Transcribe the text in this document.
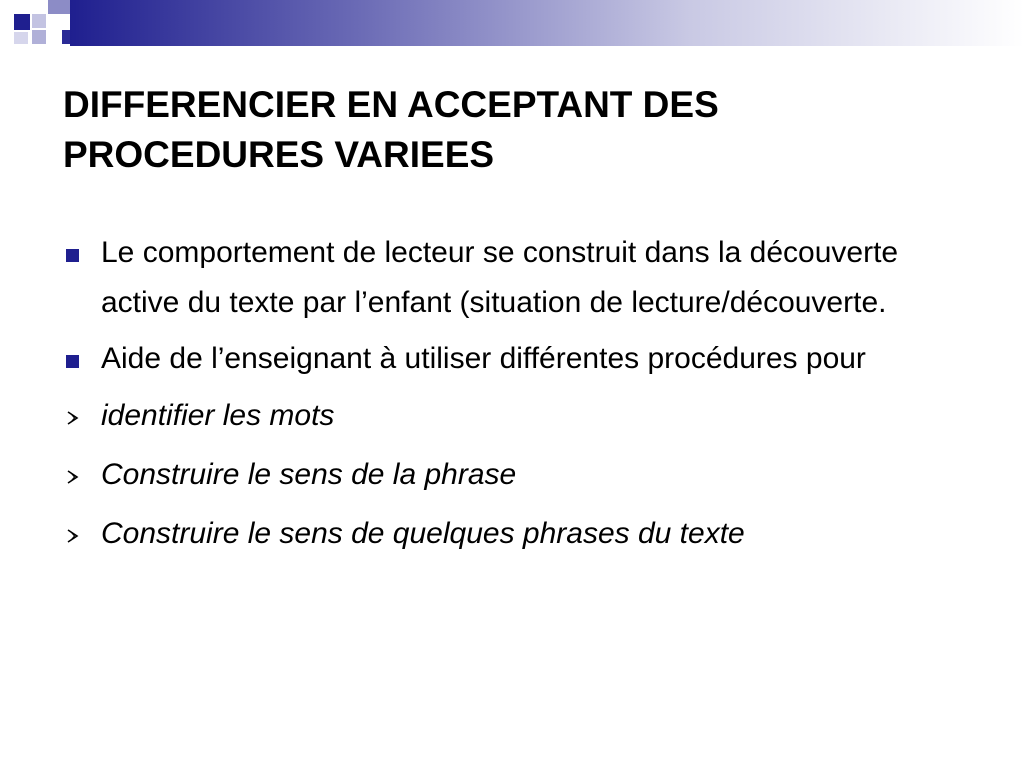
DIFFERENCIER EN ACCEPTANT DES PROCEDURES VARIEES
Le comportement de lecteur se construit dans la découverte active du texte par l’enfant (situation de lecture/découverte.
Aide de l’enseignant à utiliser différentes procédures pour
identifier les mots
Construire le sens de la phrase
Construire le sens de quelques phrases du texte
